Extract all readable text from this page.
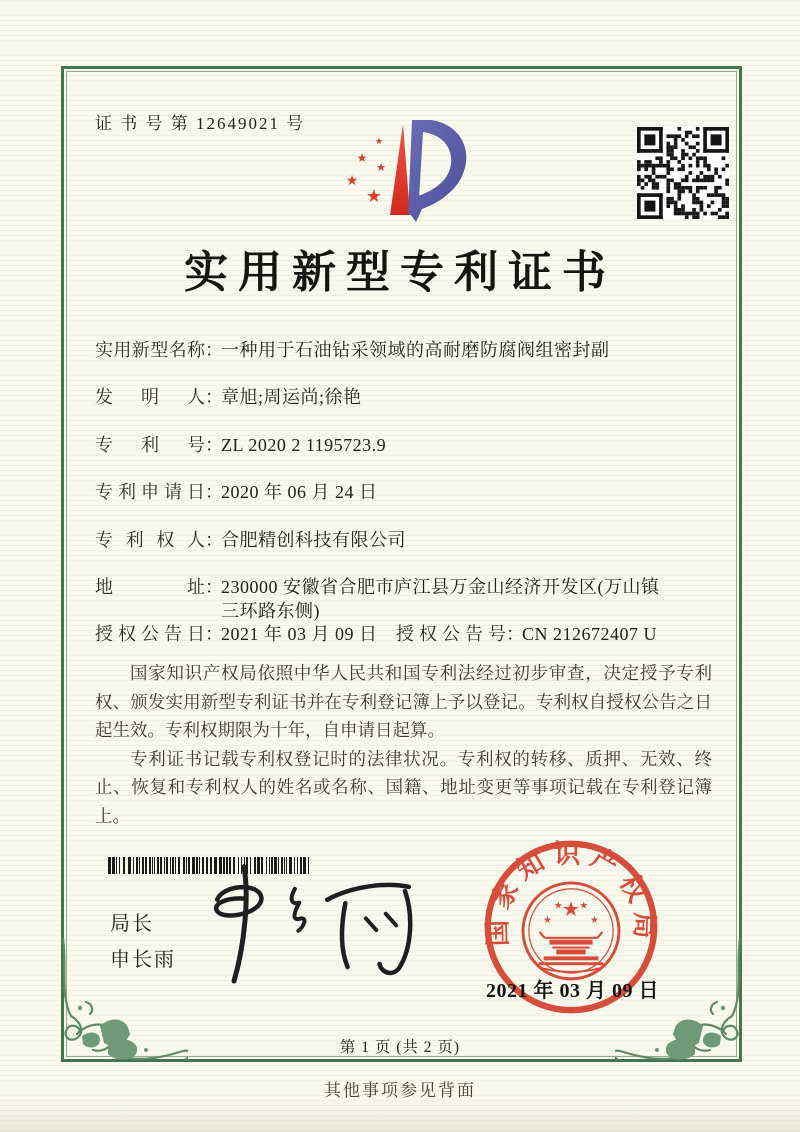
证 书 号 第 12649021 号
★
★
★
★
★
实用新型专利证书
实用新型名称 ：
一种用于石油钻采领域的高耐磨防腐阀组密封副
发明人 ：
章旭;周运尚;徐艳
专利号 ：
ZL 2020 2 1195723.9
专利申请日 ：
2020 年 06 月 24 日
专利权人 ：
合肥精创科技有限公司
地址 ：
230000 安徽省合肥市庐江县万金山经济开发区(万山镇三环路东侧)
授权公告日 ：
2021 年 03 月 09 日	授权公告号 ：
CN 212672407 U

国家知识产权局依照中华人民共和国专利法经过初步审查，决定授予专利权、颁发实用新型专利证书并在专利登记簿上予以登记。专利权自授权公告之日起生效。专利权期限为十年，自申请日起算。

专利证书记载专利权登记时的法律状况。专利权的转移、质押、无效、终止、恢复和专利权人的姓名或名称、国籍、地址变更等事项记载在专利登记簿上。

局长
申长雨
国家知识产权局
★
★
★ ★
★
2021 年 03 月 09 日
第 1 页 (共 2 页)
其他事项参见背面
